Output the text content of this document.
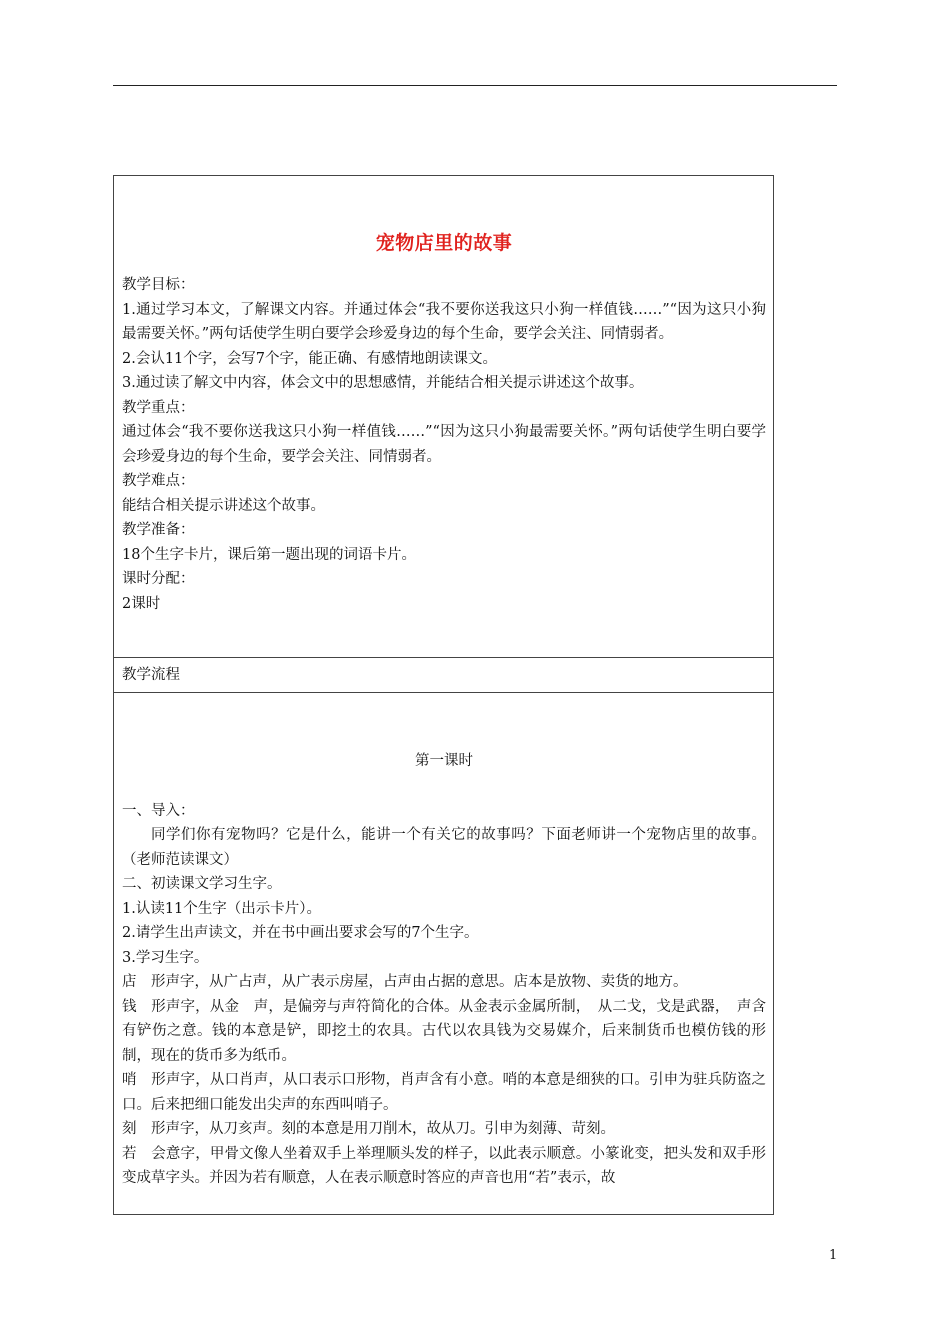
宠物店里的故事

教学目标：

1.通过学习本文，了解课文内容。并通过体会“我不要你送我这只小狗一样值钱……”“因为这只小狗最需要关怀。”两句话使学生明白要学会珍爱身边的每个生命，要学会关注、同情弱者。

2.会认11个字，会写7个字，能正确、有感情地朗读课文。

3.通过读了解文中内容，体会文中的思想感情，并能结合相关提示讲述这个故事。

教学重点：

通过体会“我不要你送我这只小狗一样值钱……”“因为这只小狗最需要关怀。”两句话使学生明白要学会珍爱身边的每个生命，要学会关注、同情弱者。

教学难点：

能结合相关提示讲述这个故事。

教学准备：

18个生字卡片，课后第一题出现的词语卡片。

课时分配：

2课时

教学流程

第一课时

一、导入：

同学们你有宠物吗？它是什么，能讲一个有关它的故事吗？下面老师讲一个宠物店里的故事。（老师范读课文）

二、初读课文学习生字。

1.认读11个生字（出示卡片）。

2.请学生出声读文，并在书中画出要求会写的7个生字。

3.学习生字。

店　形声字，从广占声，从广表示房屋，占声由占据的意思。店本是放物、卖货的地方。

钱　形声字，从金　声，是偏旁与声符简化的合体。从金表示金属所制，　从二戈，戈是武器，　声含有铲伤之意。钱的本意是铲，即挖土的农具。古代以农具钱为交易媒介，后来制货币也模仿钱的形制，现在的货币多为纸币。

哨　形声字，从口肖声，从口表示口形物，肖声含有小意。哨的本意是细狭的口。引申为驻兵防盗之口。后来把细口能发出尖声的东西叫哨子。

刻　形声字，从刀亥声。刻的本意是用刀削木，故从刀。引申为刻薄、苛刻。

若　会意字，甲骨文像人坐着双手上举理顺头发的样子，以此表示顺意。小篆讹变，把头发和双手形变成草字头。并因为若有顺意，人在表示顺意时答应的声音也用“若”表示，故

1
